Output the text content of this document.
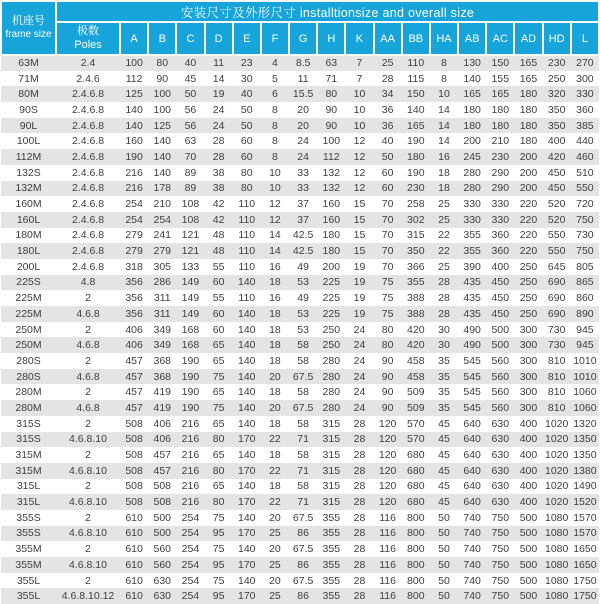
机座号
frame size	安装尺寸及外形尺寸 installtionsize and overall size																	

	极数
Poles	A	B	C	D	E	F	G	H	K	AA	BB	HA	AB	AC	AD	HD	L
63M	2.4	100	80	40	11	23	4	8.5	63	7	25	110	8	130	150	165	230	270
71M	2.4.6	112	90	45	14	30	5	11	71	7	28	115	8	140	155	165	250	300
80M	2.4.6.8	125	100	50	19	40	6	15.5	80	10	34	150	10	165	165	180	320	330
90S	2.4.6.8	140	100	56	24	50	8	20	90	10	36	140	14	180	180	180	350	360
90L	2.4.6.8	140	125	56	24	50	8	20	90	10	36	165	14	180	180	180	350	385
100L	2.4.6.8	160	140	63	28	60	8	24	100	12	40	190	14	200	210	180	400	440
112M	2.4.6.8	190	140	70	28	60	8	24	112	12	50	180	16	245	230	200	420	460
132S	2.4.6.8	216	140	89	38	80	10	33	132	12	60	190	18	280	290	200	450	510
132M	2.4.6.8	216	178	89	38	80	10	33	132	12	60	230	18	280	290	200	450	550
160M	2.4.6.8	254	210	108	42	110	12	37	160	15	70	258	25	330	330	220	520	720
160L	2.4.6.8	254	254	108	42	110	12	37	160	15	70	302	25	330	330	220	520	750
180M	2.4.6.8	279	241	121	48	110	14	42.5	180	15	70	315	22	355	360	220	550	730
180L	2.4.6.8	279	279	121	48	110	14	42.5	180	15	70	350	22	355	360	220	550	750
200L	2.4.6.8	318	305	133	55	110	16	49	200	19	70	366	25	390	400	250	645	805
225S	4.8	356	286	149	60	140	18	53	225	19	75	355	28	435	450	250	690	865
225M	2	356	311	149	55	110	16	49	225	19	75	388	28	435	450	250	690	860
225M	4.6.8	356	311	149	60	140	18	53	225	19	75	388	28	435	450	250	690	890
250M	2	406	349	168	60	140	18	53	250	24	80	420	30	490	500	300	730	945
250M	4.6.8	406	349	168	65	140	18	58	250	24	80	420	30	490	500	300	730	945
280S	2	457	368	190	65	140	18	58	280	24	90	458	35	545	560	300	810	1010
280S	4.6.8	457	368	190	75	140	20	67.5	280	24	90	458	35	545	560	300	810	1010
280M	2	457	419	190	65	140	18	58	280	24	90	509	35	545	560	300	810	1060
280M	4.6.8	457	419	190	75	140	20	67.5	280	24	90	509	35	545	560	300	810	1060
315S	2	508	406	216	65	140	18	58	315	28	120	570	45	640	630	400	1020	1320
315S	4.6.8.10	508	406	216	80	170	22	71	315	28	120	570	45	640	630	400	1020	1350
315M	2	508	457	216	65	140	18	58	315	28	120	680	45	640	630	400	1020	1350
315M	4.6.8.10	508	457	216	80	170	22	71	315	28	120	680	45	640	630	400	1020	1380
315L	2	508	508	216	65	140	18	58	315	28	120	680	45	640	630	400	1020	1490
315L	4.6.8.10	508	508	216	80	170	22	71	315	28	120	680	45	640	630	400	1020	1520
355S	2	610	500	254	75	140	20	67.5	355	28	116	800	50	740	750	500	1080	1570
355S	4.6.8.10	610	500	254	95	170	25	86	355	28	116	800	50	740	750	500	1080	1570
355M	2	610	560	254	75	140	20	67.5	355	28	116	800	50	740	750	500	1080	1650
355M	4.6.8.10	610	560	254	95	170	25	86	355	28	116	800	50	740	750	500	1080	1650
355L	2	610	630	254	75	140	20	67.5	355	28	116	800	50	740	750	500	1080	1750
355L	4.6.8.10.12	610	630	254	95	170	25	86	355	28	116	800	50	740	750	500	1080	1750
